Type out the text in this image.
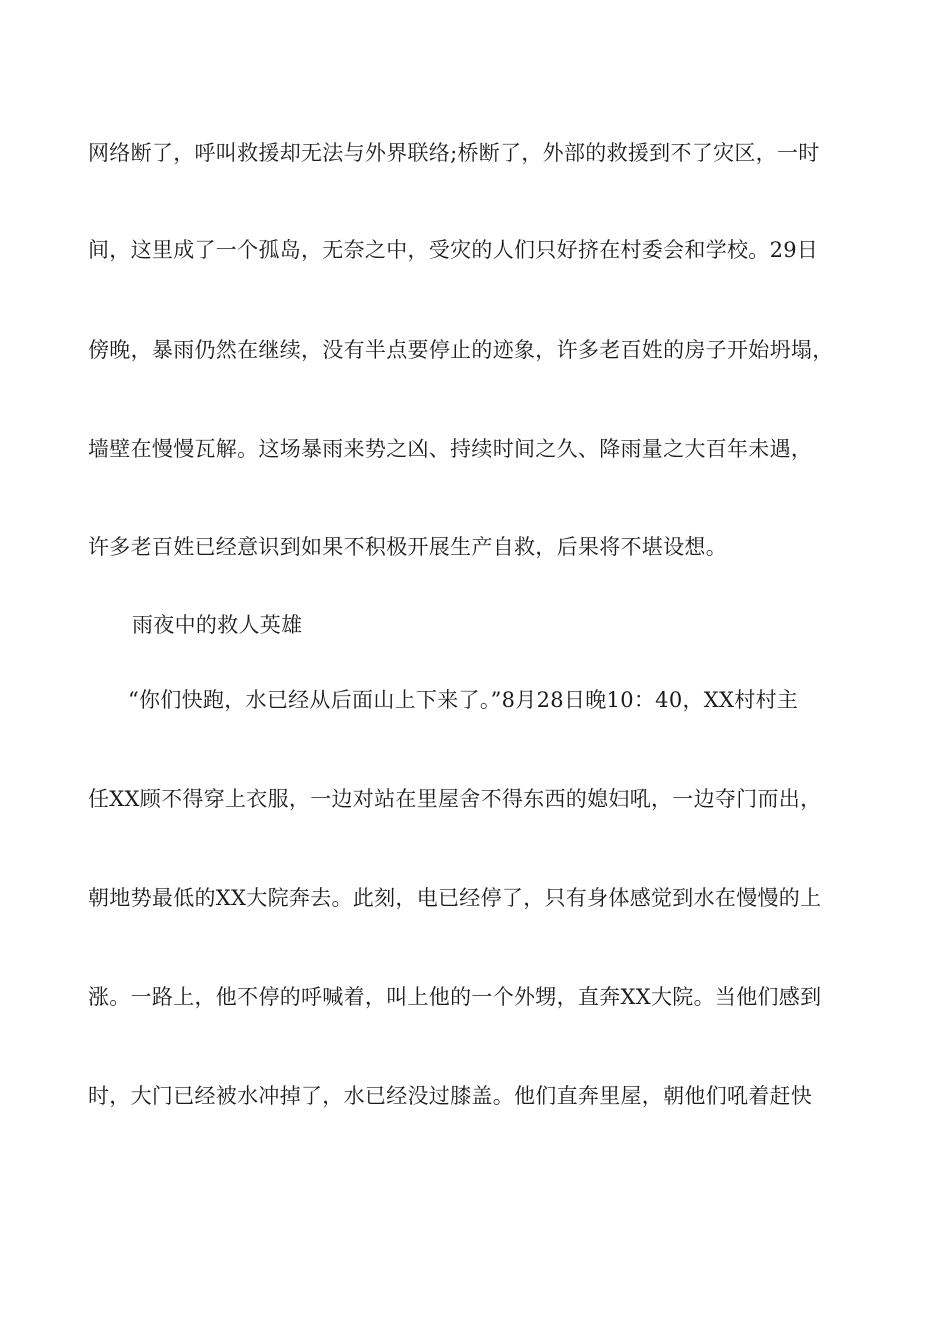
网络断了，呼叫救援却无法与外界联络;桥断了，外部的救援到不了灾区，一时
间，这里成了一个孤岛，无奈之中，受灾的人们只好挤在村委会和学校。29日
傍晚，暴雨仍然在继续，没有半点要停止的迹象，许多老百姓的房子开始坍塌，
墙壁在慢慢瓦解。这场暴雨来势之凶、持续时间之久、降雨量之大百年未遇，
许多老百姓已经意识到如果不积极开展生产自救，后果将不堪设想。
雨夜中的救人英雄
“你们快跑，水已经从后面山上下来了。”8月28日晚10：40，XX村村主
任XX顾不得穿上衣服，一边对站在里屋舍不得东西的媳妇吼，一边夺门而出，
朝地势最低的XX大院奔去。此刻，电已经停了，只有身体感觉到水在慢慢的上
涨。一路上，他不停的呼喊着，叫上他的一个外甥，直奔XX大院。当他们感到
时，大门已经被水冲掉了，水已经没过膝盖。他们直奔里屋，朝他们吼着赶快
